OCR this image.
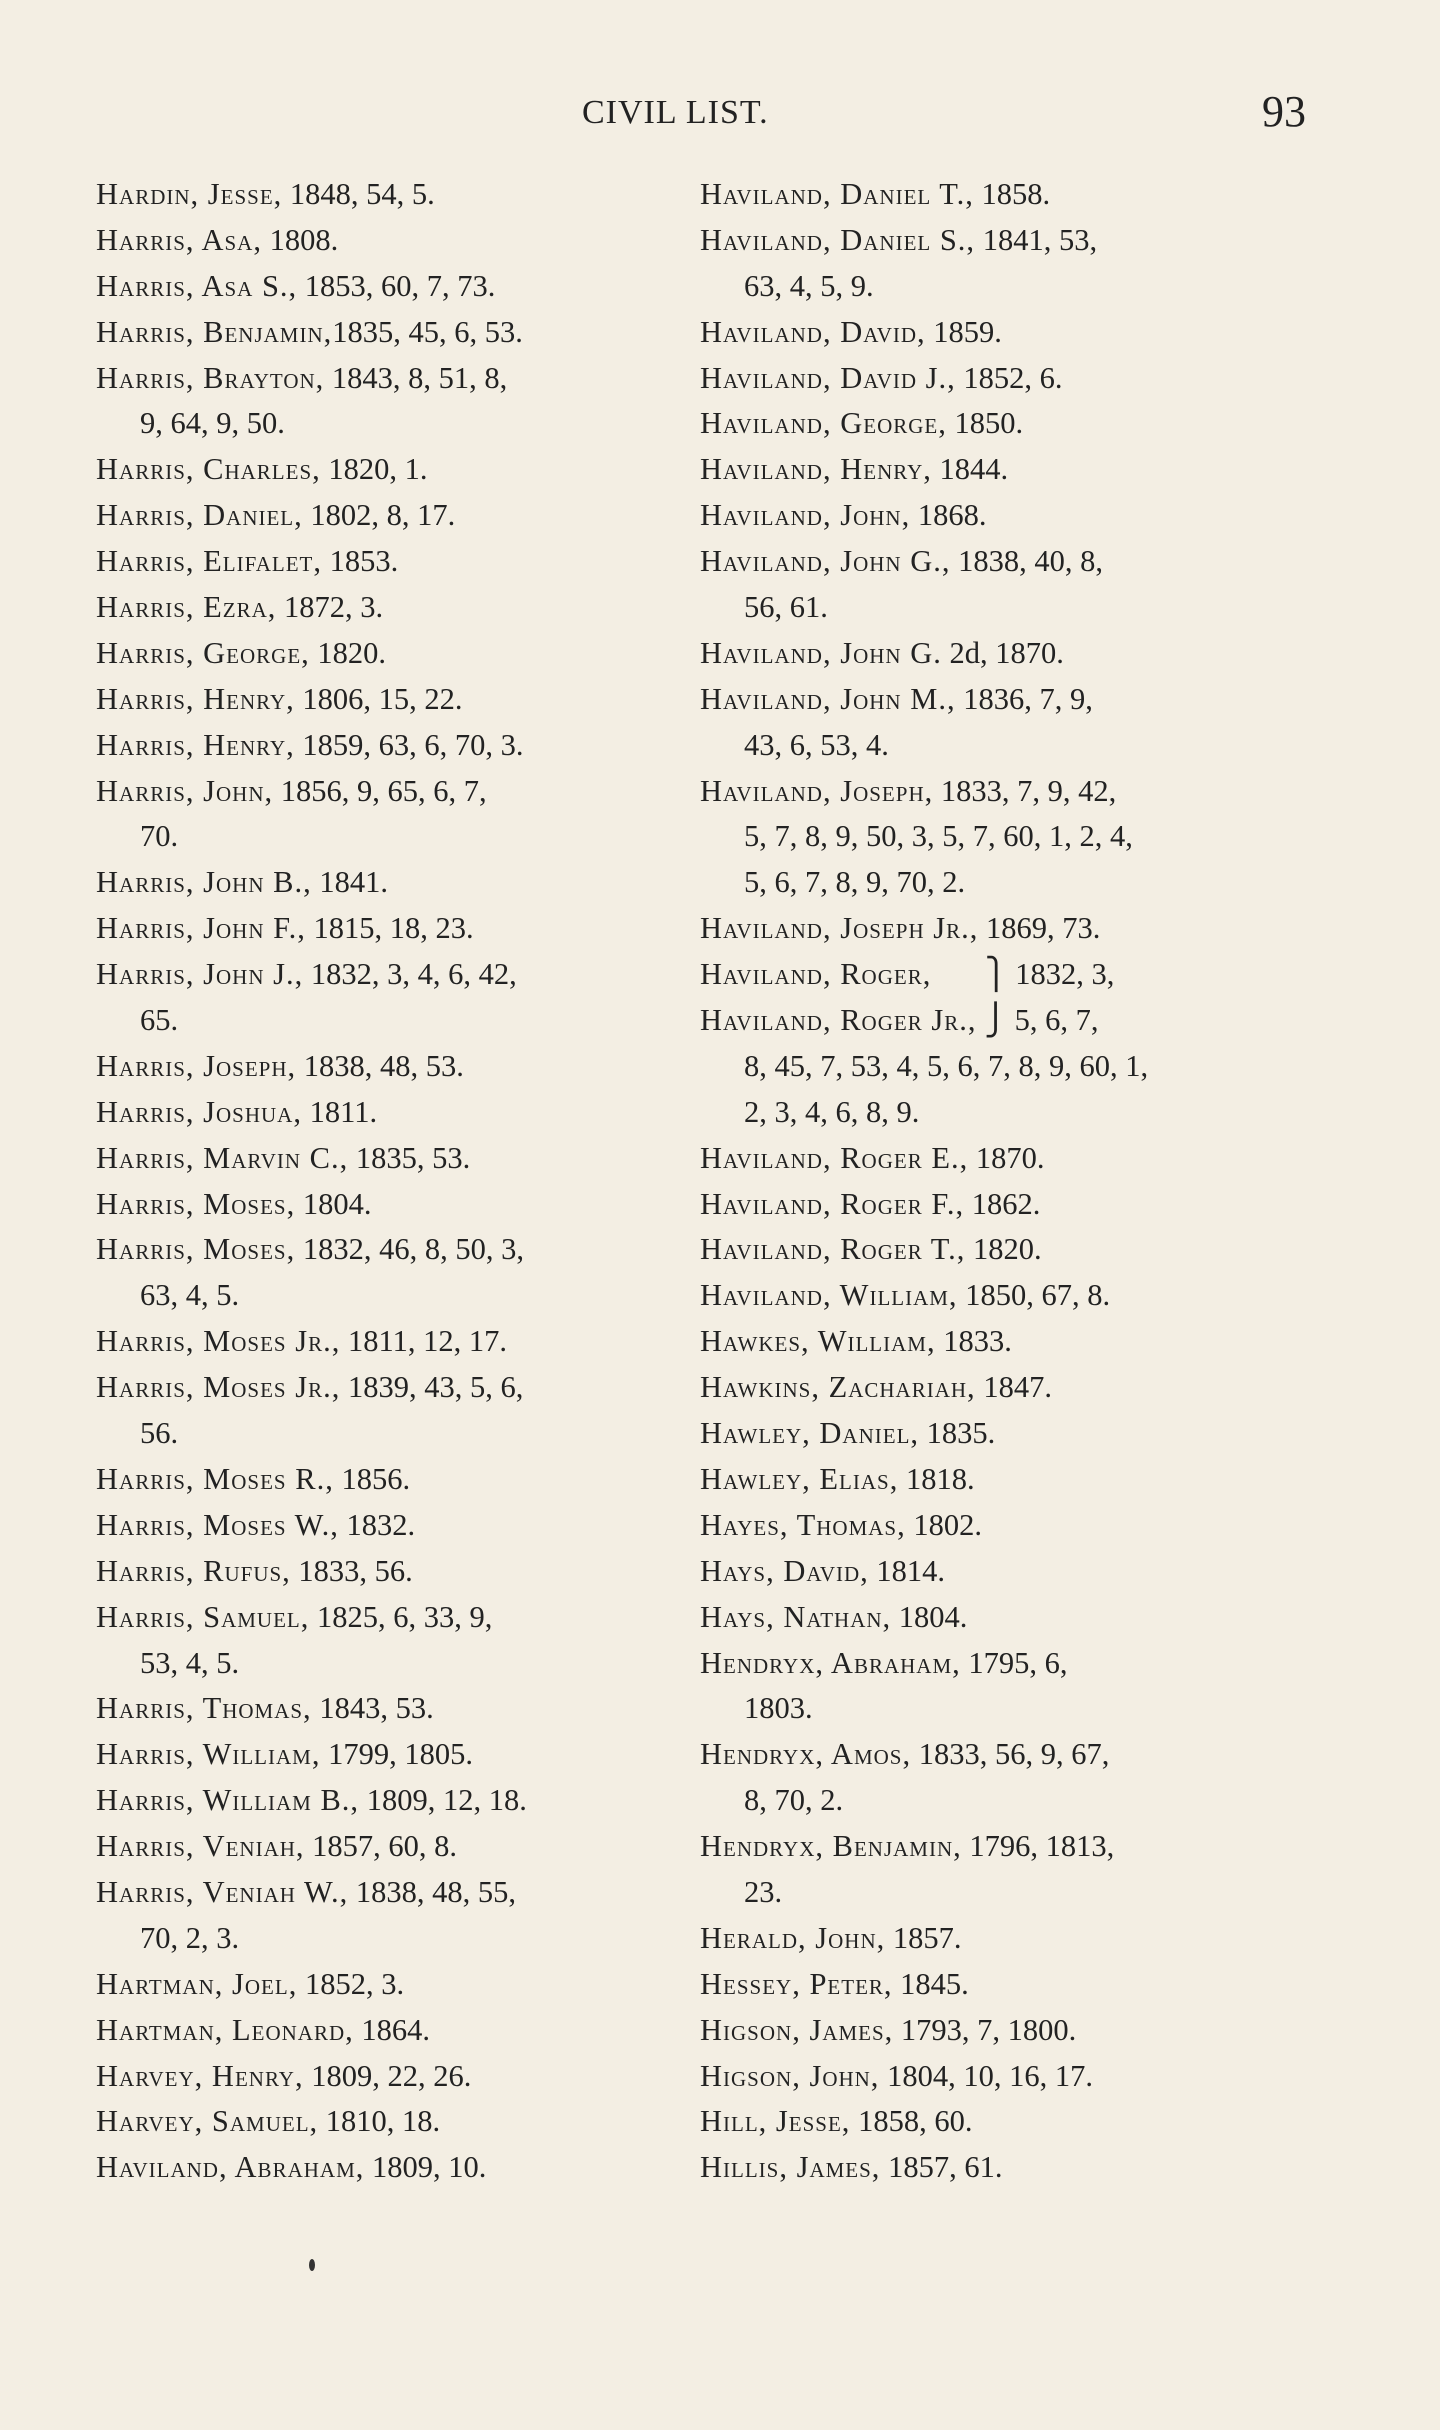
CIVIL LIST.	93
Hardin, Jesse, 1848, 54, 5.
Harris, Asa, 1808.
Harris, Asa S., 1853, 60, 7, 73.
Harris, Benjamin,1835, 45, 6, 53.
Harris, Brayton, 1843, 8, 51, 8,
9, 64, 9, 50.
Harris, Charles, 1820, 1.
Harris, Daniel, 1802, 8, 17.
Harris, Elifalet, 1853.
Harris, Ezra, 1872, 3.
Harris, George, 1820.
Harris, Henry, 1806, 15, 22.
Harris, Henry, 1859, 63, 6, 70, 3.
Harris, John, 1856, 9, 65, 6, 7,
70.
Harris, John B., 1841.
Harris, John F., 1815, 18, 23.
Harris, John J., 1832, 3, 4, 6, 42,
65.
Harris, Joseph, 1838, 48, 53.
Harris, Joshua, 1811.
Harris, Marvin C., 1835, 53.
Harris, Moses, 1804.
Harris, Moses, 1832, 46, 8, 50, 3,
63, 4, 5.
Harris, Moses Jr., 1811, 12, 17.
Harris, Moses Jr., 1839, 43, 5, 6,
56.
Harris, Moses R., 1856.
Harris, Moses W., 1832.
Harris, Rufus, 1833, 56.
Harris, Samuel, 1825, 6, 33, 9,
53, 4, 5.
Harris, Thomas, 1843, 53.
Harris, William, 1799, 1805.
Harris, William B., 1809, 12, 18.
Harris, Veniah, 1857, 60, 8.
Harris, Veniah W., 1838, 48, 55,
70, 2, 3.
Hartman, Joel, 1852, 3.
Hartman, Leonard, 1864.
Harvey, Henry, 1809, 22, 26.
Harvey, Samuel, 1810, 18.
Haviland, Abraham, 1809, 10.
Haviland, Daniel T., 1858.
Haviland, Daniel S., 1841, 53,
63, 4, 5, 9.
Haviland, David, 1859.
Haviland, David J., 1852, 6.
Haviland, George, 1850.
Haviland, Henry, 1844.
Haviland, John, 1868.
Haviland, John G., 1838, 40, 8,
56, 61.
Haviland, John G. 2d, 1870.
Haviland, John M., 1836, 7, 9,
43, 6, 53, 4.
Haviland, Joseph, 1833, 7, 9, 42,
5, 7, 8, 9, 50, 3, 5, 7, 60, 1, 2, 4,
5, 6, 7, 8, 9, 70, 2.
Haviland, Joseph Jr., 1869, 73.
Haviland, Roger,       ⎫ 1832, 3,
Haviland, Roger Jr., ⎭ 5, 6, 7,
8, 45, 7, 53, 4, 5, 6, 7, 8, 9, 60, 1,
2, 3, 4, 6, 8, 9.
Haviland, Roger E., 1870.
Haviland, Roger F., 1862.
Haviland, Roger T., 1820.
Haviland, William, 1850, 67, 8.
Hawkes, William, 1833.
Hawkins, Zachariah, 1847.
Hawley, Daniel, 1835.
Hawley, Elias, 1818.
Hayes, Thomas, 1802.
Hays, David, 1814.
Hays, Nathan, 1804.
Hendryx, Abraham, 1795, 6,
1803.
Hendryx, Amos, 1833, 56, 9, 67,
8, 70, 2.
Hendryx, Benjamin, 1796, 1813,
23.
Herald, John, 1857.
Hessey, Peter, 1845.
Higson, James, 1793, 7, 1800.
Higson, John, 1804, 10, 16, 17.
Hill, Jesse, 1858, 60.
Hillis, James, 1857, 61.
